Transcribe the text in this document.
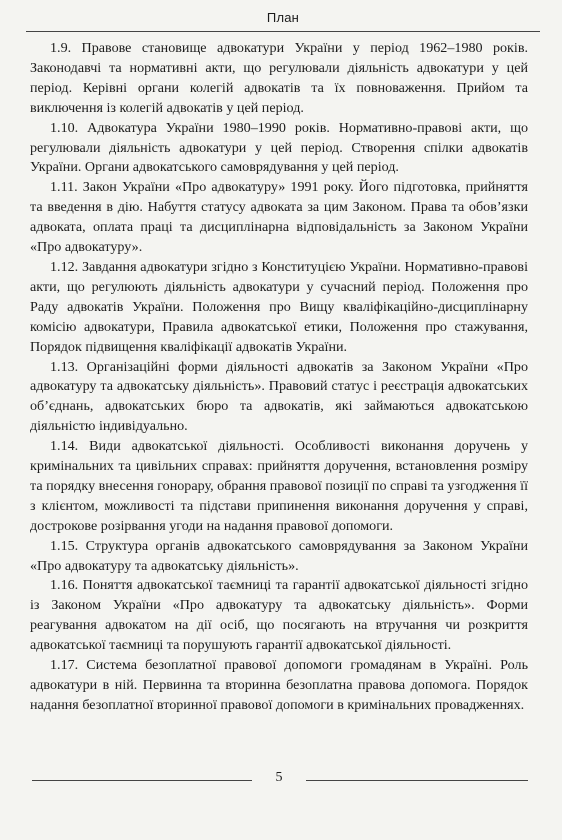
План

1.9. Правове становище адвокатури України у період 1962–1980 років. Законодавчі та нормативні акти, що регулювали діяльність адвокатури у цей період. Керівні органи колегій адвокатів та їх повноваження. Прийом та виключення із колегій адвокатів у цей період.

1.10. Адвокатура України 1980–1990 років. Нормативно-правові акти, що регулювали діяльність адвокатури у цей період. Створення спілки адвокатів України. Органи адвокатського самоврядування у цей період.

1.11. Закон України «Про адвокатуру» 1991 року. Його підготовка, прийняття та введення в дію. Набуття статусу адвоката за цим Законом. Права та обов’язки адвоката, оплата праці та дисциплінарна відповідальність за Законом України «Про адвокатуру».

1.12. Завдання адвокатури згідно з Конституцією України. Нормативно-правові акти, що регулюють діяльність адвокатури у сучасний період. Положення про Раду адвокатів України. Положення про Вищу кваліфікаційно-дисциплінарну комісію адвокатури, Правила адвокатської етики, Положення про стажування, Порядок підвищення кваліфікації адвокатів України.

1.13. Організаційні форми діяльності адвокатів за Законом України «Про адвокатуру та адвокатську діяльність». Правовий статус і реєстрація адвокатських об’єднань, адвокатських бюро та адвокатів, які займаються адвокатською діяльністю індивідуально.

1.14. Види адвокатської діяльності. Особливості виконання доручень у кримінальних та цивільних справах: прийняття доручення, встановлення розміру та порядку внесення гонорару, обрання правової позиції по справі та узгодження її з клієнтом, можливості та підстави припинення виконання доручення у справі, дострокове розірвання угоди на надання правової допомоги.

1.15. Структура органів адвокатського самоврядування за Законом України «Про адвокатуру та адвокатську діяльність».

1.16. Поняття адвокатської таємниці та гарантії адвокатської діяльності згідно із Законом України «Про адвокатуру та адвокатську діяльність». Форми реагування адвокатом на дії осіб, що посягають на втручання чи розкриття адвокатської таємниці та порушують гарантії адвокатської діяльності.

1.17. Система безоплатної правової допомоги громадянам в Україні. Роль адвокатури в ній. Первинна та вторинна безоплатна правова допомога. Порядок надання безоплатної вторинної правової допомоги в кримінальних провадженнях.

5
